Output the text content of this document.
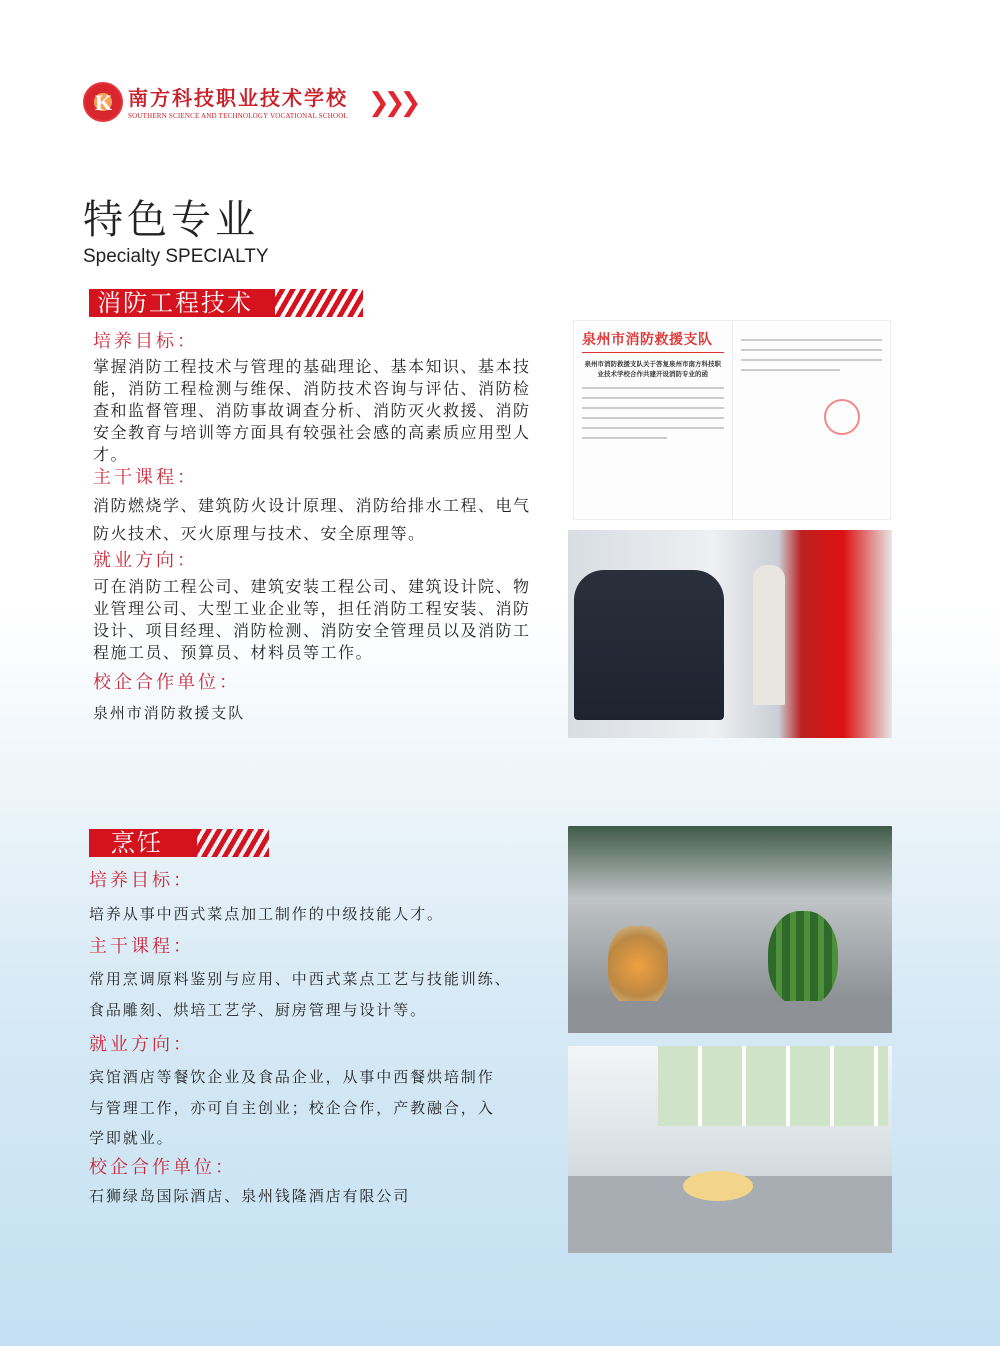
K 南方科技职业技术学校
SOUTHERN SCIENCE AND TECHNOLOGY VOCATIONAL SCHOOL ❯❯❯
特色专业
Specialty SPECIALTY
消防工程技术
培养目标：
掌握消防工程技术与管理的基础理论、基本知识、基本技
能，消防工程检测与维保、消防技术咨询与评估、消防检
查和监督管理、消防事故调查分析、消防灭火救援、消防
安全教育与培训等方面具有较强社会感的高素质应用型人
才。
主干课程：
消防燃烧学、建筑防火设计原理、消防给排水工程、电气
防火技术、灭火原理与技术、安全原理等。
就业方向：
可在消防工程公司、建筑安装工程公司、建筑设计院、物
业管理公司、大型工业企业等，担任消防工程安装、消防
设计、项目经理、消防检测、消防安全管理员以及消防工
程施工员、预算员、材料员等工作。
校企合作单位：
泉州市消防救援支队
泉州市消防救援支队
泉州市消防救援支队关于答复泉州市南方科技职业技术学校合作共建开设消防专业的函
烹饪
培养目标：
培养从事中西式菜点加工制作的中级技能人才。
主干课程：
常用烹调原料鉴别与应用、中西式菜点工艺与技能训练、
食品雕刻、烘培工艺学、厨房管理与设计等。
就业方向：
宾馆酒店等餐饮企业及食品企业，从事中西餐烘培制作
与管理工作，亦可自主创业；校企合作，产教融合，入
学即就业。
校企合作单位：
石狮绿岛国际酒店、泉州钱隆酒店有限公司
